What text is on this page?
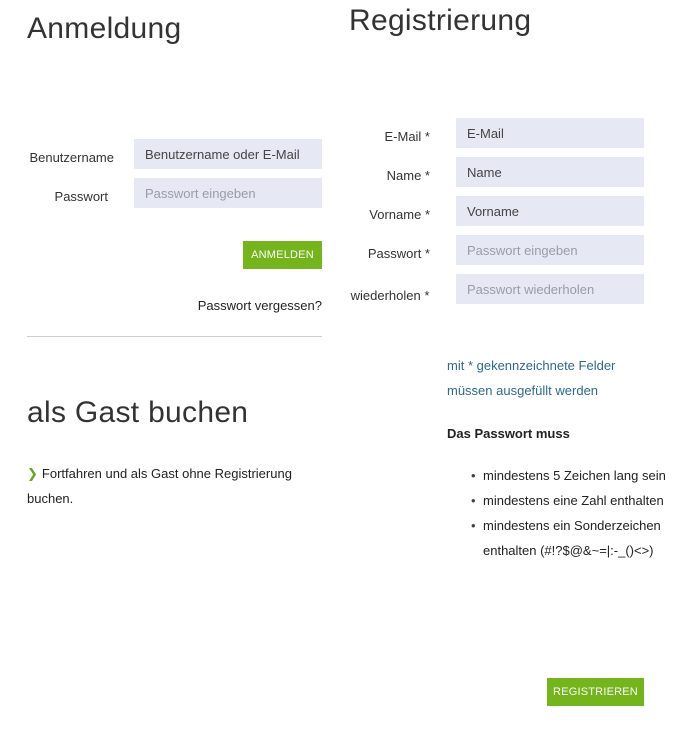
Anmeldung
Benutzername
Benutzername oder E-Mail
Passwort
ANMELDEN
Passwort vergessen?
als Gast buchen
❯ Fortfahren und als Gast ohne Registrierung buchen.
Registrierung
E-Mail *
E-Mail
Name *
Name
Vorname *
Vorname
Passwort *
wiederholen *
mit * gekennzeichnete Felder müssen ausgefüllt werden
Das Passwort muss
• mindestens 5 Zeichen lang sein
• mindestens eine Zahl enthalten
• mindestens ein Sonderzeichen enthalten (#!?$@&~=|:-_()<>)
REGISTRIEREN
